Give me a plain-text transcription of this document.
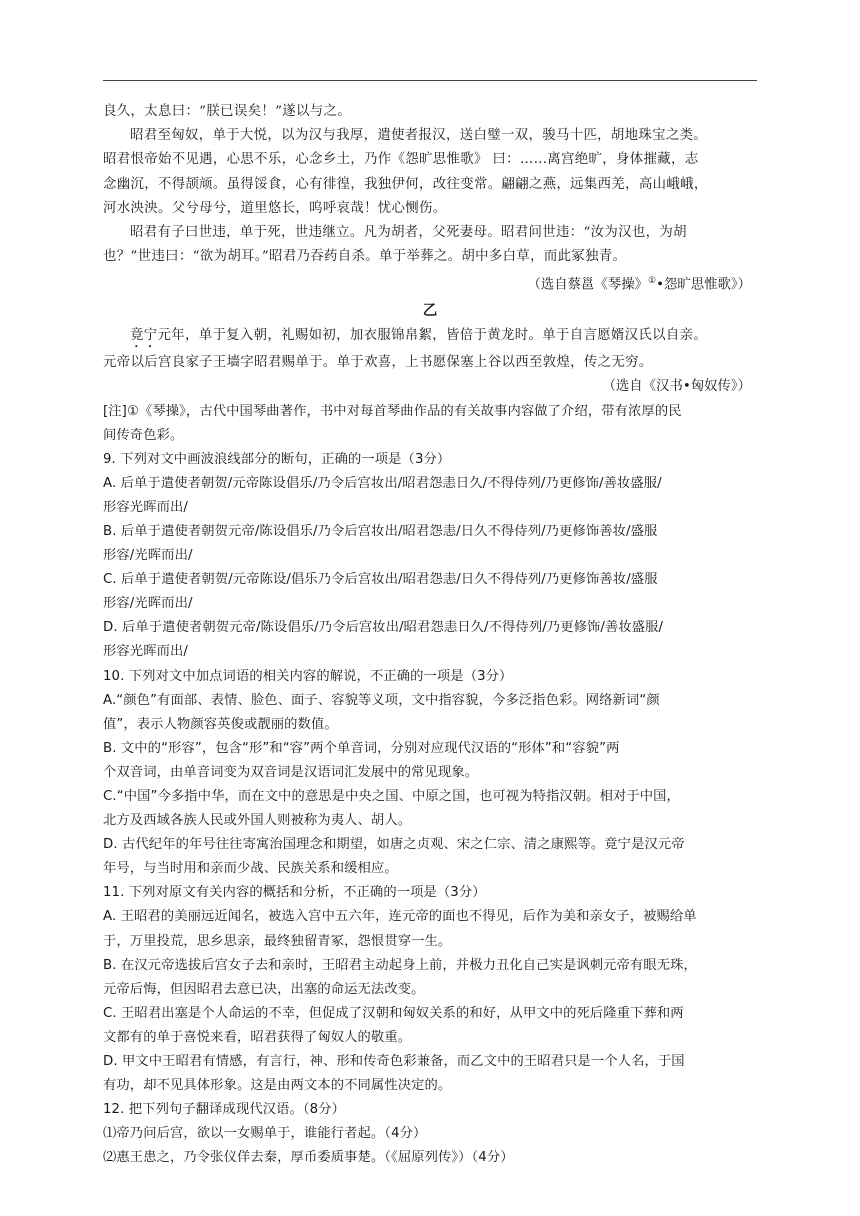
良久，太息曰：“朕已误矣！”遂以与之。

昭君至匈奴，单于大悦，以为汉与我厚，遣使者报汉，送白璧一双，骏马十匹，胡地珠宝之类。

昭君恨帝始不见遇，心思不乐，心念乡土，乃作《怨旷思惟歌》 曰：……离宫绝旷，身体摧藏，志

念幽沉，不得颉颃。虽得馁食，心有徘徨，我独伊何，改往变常。翩翩之燕，远集西羌，高山峨峨，

河水泱泱。父兮母兮，道里悠长，呜呼哀哉！忧心恻伤。

昭君有子曰世违，单于死，世违继立。凡为胡者，父死妻母。昭君问世违：“汝为汉也，为胡

也？”世违曰：“欲为胡耳。”昭君乃吞药自杀。单于举葬之。胡中多白草，而此冢独青。

（选自蔡邕《琴操》①•怨旷思惟歌》）

乙

竟宁元年，单于复入朝，礼赐如初，加衣服锦帛絮，皆倍于黄龙时。单于自言愿婿汉氏以自亲。

元帝以后宫良家子王墙字昭君赐单于。单于欢喜，上书愿保塞上谷以西至敦煌，传之无穷。

（选自《汉书•匈奴传》）

[注]①《琴操》，古代中国琴曲著作，书中对每首琴曲作品的有关故事内容做了介绍，带有浓厚的民

间传奇色彩。

9. 下列对文中画波浪线部分的断句，正确的一项是（3分）

A. 后单于遣使者朝贺/元帝陈设倡乐/乃令后宫妆出/昭君怨恚日久/不得侍列/乃更修饰/善妆盛服/

形容光晖而出/

B. 后单于遣使者朝贺元帝/陈设倡乐/乃令后宫妆出/昭君怨恚/日久不得侍列/乃更修饰善妆/盛服

形容/光晖而出/

C. 后单于遣使者朝贺/元帝陈设/倡乐乃令后宫妆出/昭君怨恚/日久不得侍列/乃更修饰善妆/盛服

形容/光晖而出/

D. 后单于遣使者朝贺元帝/陈设倡乐/乃令后宫妆出/昭君怨恚日久/不得侍列/乃更修饰/善妆盛服/

形容光晖而出/

10. 下列对文中加点词语的相关内容的解说，不正确的一项是（3分）

A.“颜色”有面部、表情、脸色、面子、容貌等义项，文中指容貌，今多泛指色彩。网络新词“颜

值”，表示人物颜容英俊或靓丽的数值。

B. 文中的“形容”，包含“形”和“容”两个单音词，分别对应现代汉语的“形体”和“容貌”两

个双音词，由单音词变为双音词是汉语词汇发展中的常见现象。

C.“中国”今多指中华，而在文中的意思是中央之国、中原之国，也可视为特指汉朝。相对于中国，

北方及西域各族人民或外国人则被称为夷人、胡人。

D. 古代纪年的年号往往寄寓治国理念和期望，如唐之贞观、宋之仁宗、清之康熙等。竟宁是汉元帝

年号，与当时用和亲而少战、民族关系和缓相应。

11. 下列对原文有关内容的概括和分析，不正确的一项是（3分）

A. 王昭君的美丽远近闻名，被选入宫中五六年，连元帝的面也不得见，后作为美和亲女子，被赐给单

于，万里投荒，思乡思亲，最终独留青冢，怨恨贯穿一生。

B. 在汉元帝选拔后宫女子去和亲时，王昭君主动起身上前，并极力丑化自己实是讽刺元帝有眼无珠，

元帝后悔，但因昭君去意已决，出塞的命运无法改变。

C. 王昭君出塞是个人命运的不幸，但促成了汉朝和匈奴关系的和好，从甲文中的死后隆重下葬和两

文都有的单于喜悦来看，昭君获得了匈奴人的敬重。

D. 甲文中王昭君有情感，有言行，神、形和传奇色彩兼备，而乙文中的王昭君只是一个人名，于国

有功，却不见具体形象。这是由两文本的不同属性决定的。

12. 把下列句子翻译成现代汉语。（8分）

⑴帝乃问后宫，欲以一女赐单于，谁能行者起。（4分）

⑵惠王患之，乃令张仪佯去秦，厚币委质事楚。（《屈原列传》）（4分）
